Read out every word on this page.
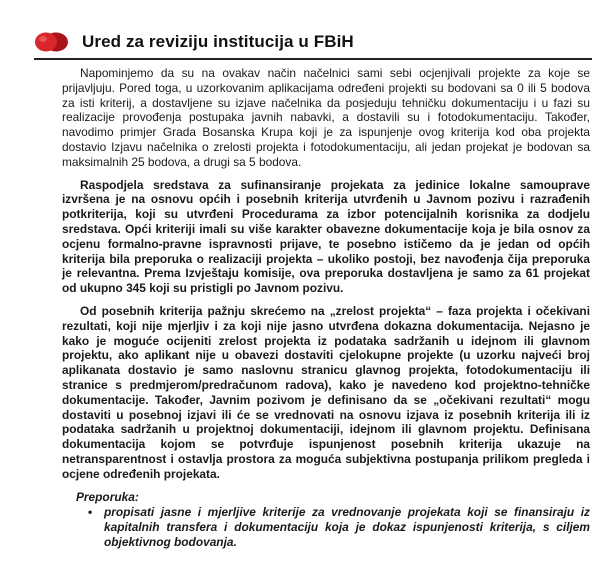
Ured za reviziju institucija u FBiH

Napominjemo da su na ovakav način načelnici sami sebi ocjenjivali projekte za koje se prijavljuju. Pored toga, u uzorkovanim aplikacijama određeni projekti su bodovani sa 0 ili 5 bodova za isti kriterij, a dostavljene su izjave načelnika da posjeduju tehničku dokumentaciju i u fazi su realizacije provođenja postupaka javnih nabavki, a dostavili su i fotodokumentaciju. Također, navodimo primjer Grada Bosanska Krupa koji je za ispunjenje ovog kriterija kod oba projekta dostavio Izjavu načelnika o zrelosti projekta i fotodokumentaciju, ali jedan projekat je bodovan sa maksimalnih 25 bodova, a drugi sa 5 bodova.

Raspodjela sredstava za sufinansiranje projekata za jedinice lokalne samouprave izvršena je na osnovu općih i posebnih kriterija utvrđenih u Javnom pozivu i razrađenih potkriterija, koji su utvrđeni Procedurama za izbor potencijalnih korisnika za dodjelu sredstava. Opći kriteriji imali su više karakter obavezne dokumentacije koja je bila osnov za ocjenu formalno-pravne ispravnosti prijave, te posebno ističemo da je jedan od općih kriterija bila preporuka o realizaciji projekta – ukoliko postoji, bez navođenja čija preporuka je relevantna. Prema Izvještaju komisije, ova preporuka dostavljena je samo za 61 projekat od ukupno 345 koji su pristigli po Javnom pozivu.

Od posebnih kriterija pažnju skrećemo na „zrelost projekta“ – faza projekta i očekivani rezultati, koji nije mjerljiv i za koji nije jasno utvrđena dokazna dokumentacija. Nejasno je kako je moguće ocijeniti zrelost projekta iz podataka sadržanih u idejnom ili glavnom projektu, ako aplikant nije u obavezi dostaviti cjelokupne projekte (u uzorku najveći broj aplikanata dostavio je samo naslovnu stranicu glavnog projekta, fotodokumentaciju ili stranice s predmjerom/predračunom radova), kako je navedeno kod projektno-tehničke dokumentacije. Također, Javnim pozivom je definisano da se „očekivani rezultati“ mogu dostaviti u posebnoj izjavi ili će se vrednovati na osnovu izjava iz posebnih kriterija ili iz podataka sadržanih u projektnoj dokumentaciji, idejnom ili glavnom projektu. Definisana dokumentacija kojom se potvrđuje ispunjenost posebnih kriterija ukazuje na netransparentnost i ostavlja prostora za moguća subjektivna postupanja prilikom pregleda i ocjene određenih projekata.

Preporuka:
• propisati jasne i mjerljive kriterije za vrednovanje projekata koji se finansiraju iz kapitalnih transfera i dokumentaciju koja je dokaz ispunjenosti kriterija, s ciljem objektivnog bodovanja.
